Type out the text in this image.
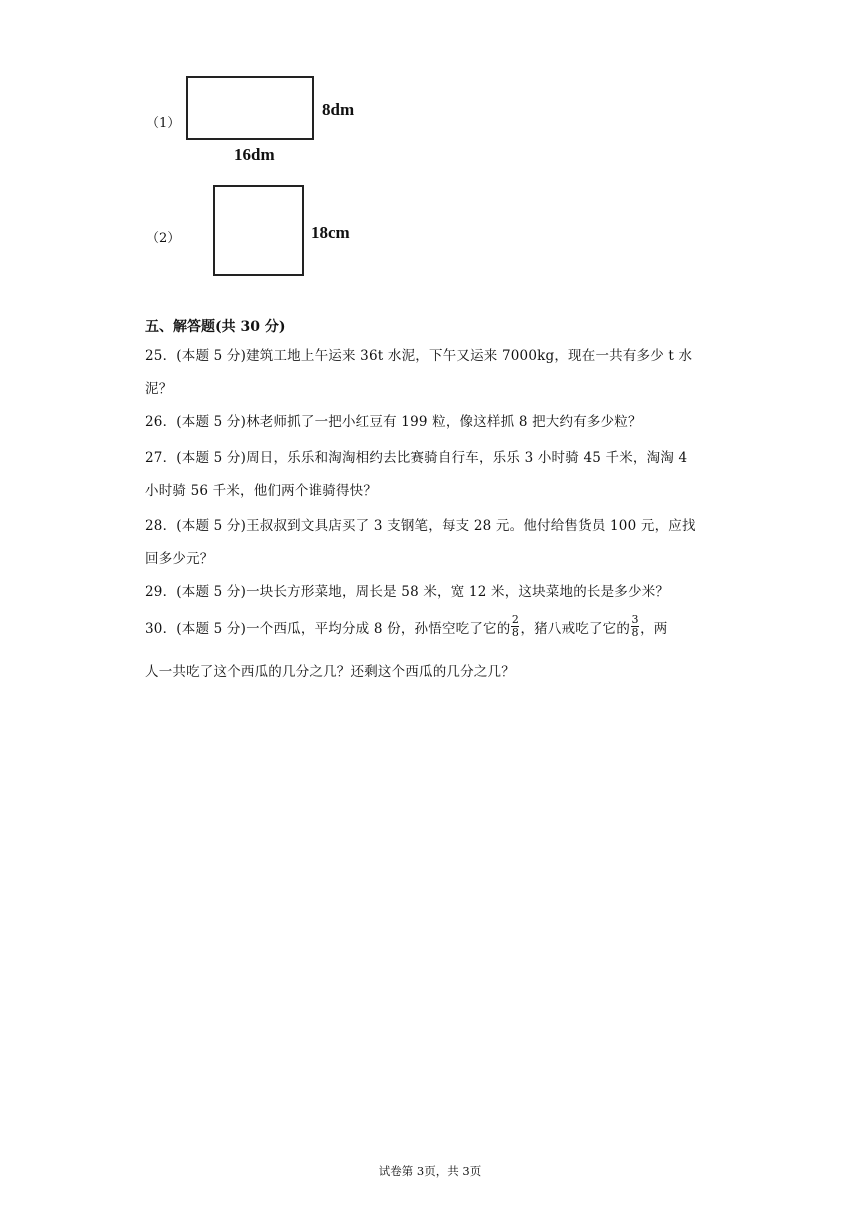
（1）
8dm
16dm
（2）	18cm
五、解答题(共 30 分)
25．(本题 5 分)建筑工地上午运来 36t 水泥，下午又运来 7000kg，现在一共有多少 t 水
泥？
26．(本题 5 分)林老师抓了一把小红豆有 199 粒，像这样抓 8 把大约有多少粒？
27．(本题 5 分)周日，乐乐和淘淘相约去比赛骑自行车，乐乐 3 小时骑 45 千米，淘淘 4
小时骑 56 千米，他们两个谁骑得快？
28．(本题 5 分)王叔叔到文具店买了 3 支钢笔，每支 28 元。他付给售货员 100 元，应找
回多少元？
29．(本题 5 分)一块长方形菜地，周长是 58 米，宽 12 米，这块菜地的长是多少米？
30．(本题 5 分)一个西瓜，平均分成 8 份，孙悟空吃了它的 $\frac{2}{8}$ ，猪八戒吃了它的 $\frac{3}{8}$ ，两
人一共吃了这个西瓜的几分之几？还剩这个西瓜的几分之几？
试卷第 3页，共 3页
